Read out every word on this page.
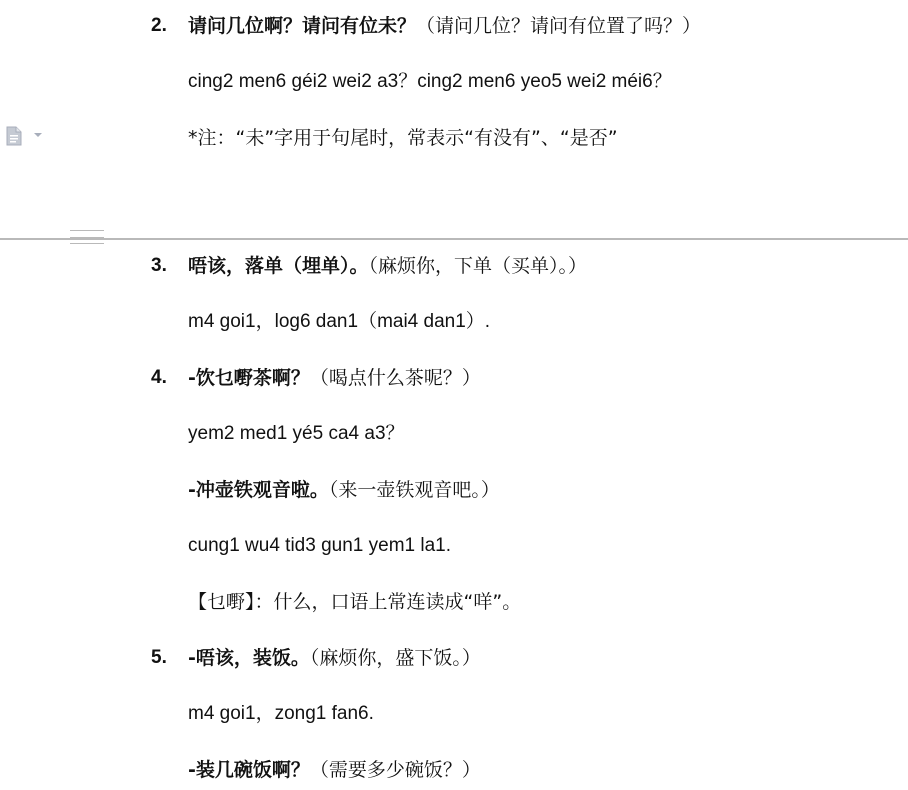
2. 请问几位啊？请问有位未？（请问几位？请问有位置了吗？）
cing2 men6 géi2 wei2 a3？cing2 men6 yeo5 wei2 méi6？
*注：“未”字用于句尾时，常表示“有没有”、“是否”
3. 唔该，落单（埋单）。（麻烦你，下单（买单）。）
m4 goi1，log6 dan1（mai4 dan1）.
4. -饮乜嘢茶啊？（喝点什么茶呢？）
yem2 med1 yé5 ca4 a3？
-冲壶铁观音啦。（来一壶铁观音吧。）
cung1 wu4 tid3 gun1 yem1 la1.
【乜嘢】：什么，口语上常连读成“咩”。
5. -唔该，装饭。（麻烦你，盛下饭。）
m4 goi1，zong1 fan6.
-装几碗饭啊？（需要多少碗饭？）
